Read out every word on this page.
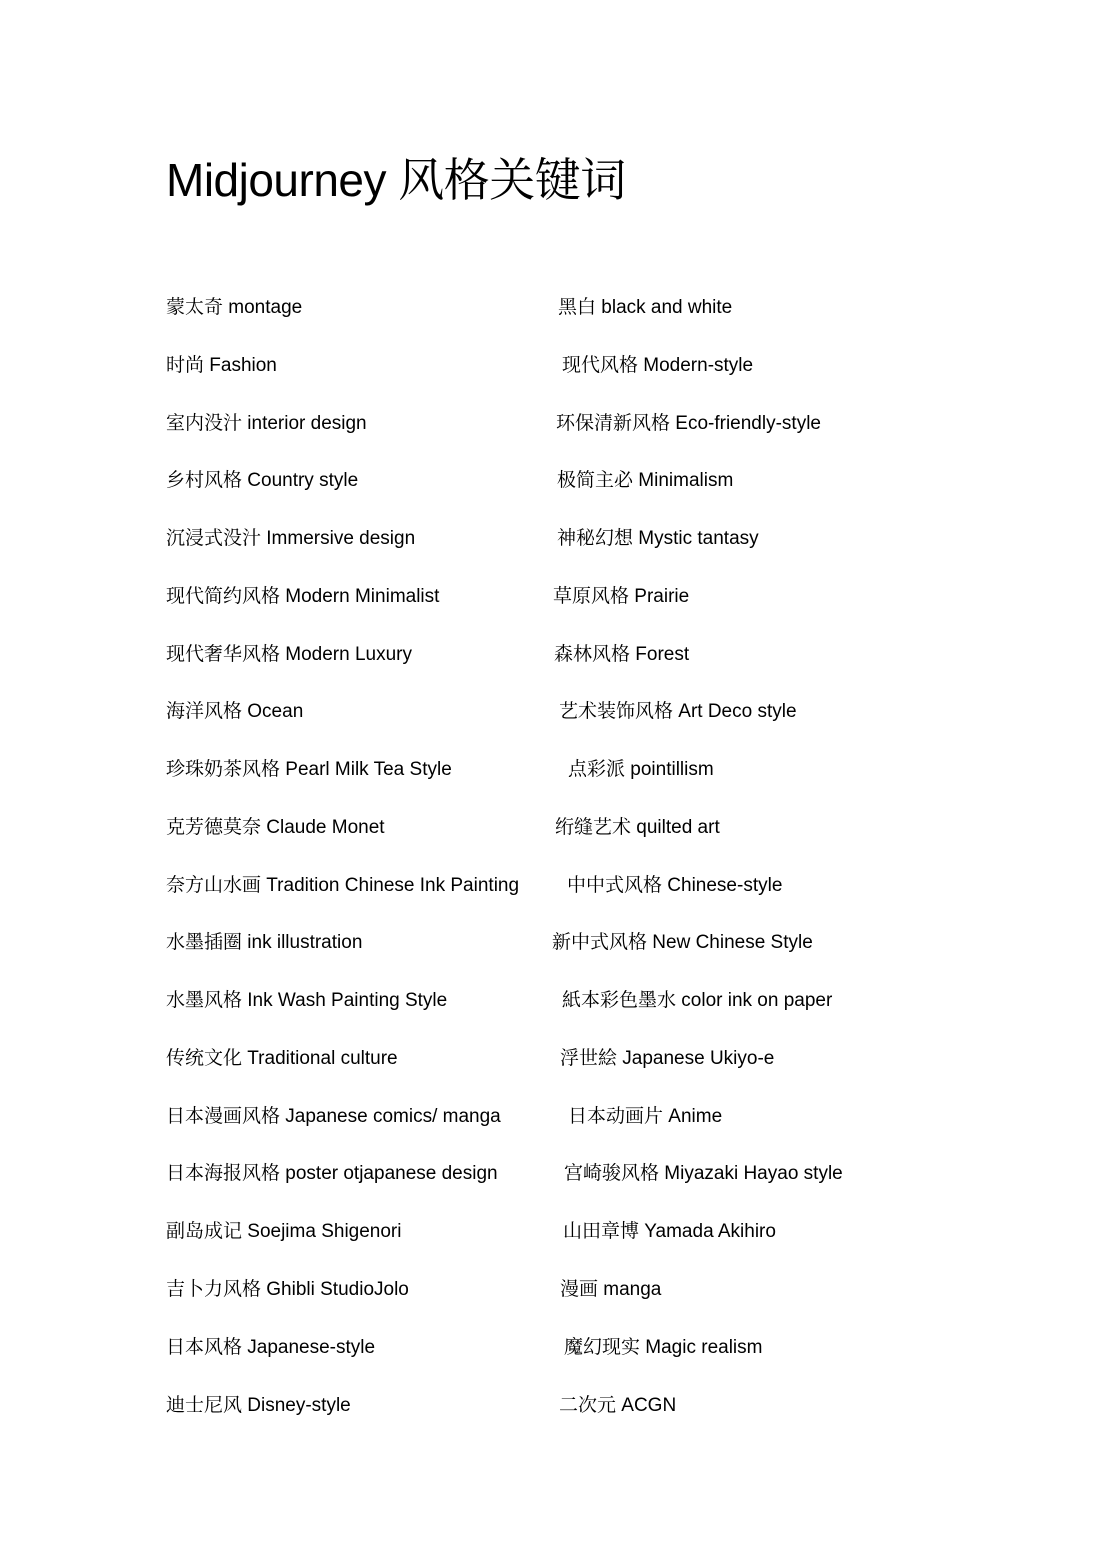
Midjourney 风格关键词
蒙太奇 montage	黑白 black and white
时尚 Fashion	现代风格 Modern-style
室内没汁 interior design	环保清新风格 Eco-friendly-style
乡村风格 Country style	极简主必 Minimalism
沉浸式没汁 Immersive design	神秘幻想 Mystic tantasy
现代简约风格 Modern Minimalist	草原风格 Prairie
现代奢华风格 Modern Luxury	森林风格 Forest
海洋风格 Ocean	艺术装饰风格 Art Deco style
珍珠奶茶风格 Pearl Milk Tea Style	点彩派 pointillism
克芳德莫奈 Claude Monet	绗缝艺术 quilted art
奈方山水画 Tradition Chinese Ink Painting	中中式风格 Chinese-style
水墨插圈 ink illustration	新中式风格 New Chinese Style
水墨风格 Ink Wash Painting Style	紙本彩色墨水 color ink on paper
传统文化 Traditional culture	浮世絵 Japanese Ukiyo-e
日本漫画风格 Japanese comics/ manga	日本动画片 Anime
日本海报风格 poster otjapanese design	宫崎骏风格 Miyazaki Hayao style
副岛成记 Soejima Shigenori	山田章博 Yamada Akihiro
吉卜力风格 Ghibli StudioJolo	漫画 manga
日本风格 Japanese-style	魔幻现实 Magic realism
迪士尼风 Disney-style	二次元 ACGN
